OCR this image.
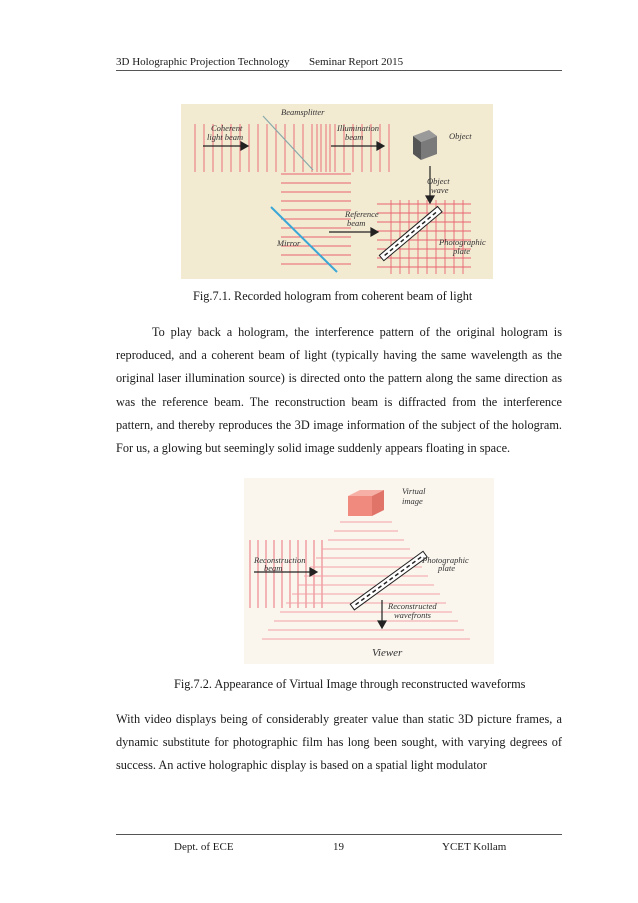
3D Holographic Projection Technology Seminar Report 2015
Beamsplitter
Coherent
light beam
Illumination
beam	Object
Object
wave
Reference
beam
Mirror	Photographic
plate
Fig.7.1. Recorded hologram from coherent beam of light

To play back a hologram, the interference pattern of the original hologram is reproduced, and a coherent beam of light (typically having the same wavelength as the original laser illumination source) is directed onto the pattern along the same direction as was the reference beam. The reconstruction beam is diffracted from the interference pattern, and thereby reproduces the 3D image information of the subject of the hologram. For us, a glowing but seemingly solid image suddenly appears floating in space.

Virtual
image
Reconstruction
beam
Photographic
plate
Reconstructed
wavefronts
Viewer
Fig.7.2. Appearance of Virtual Image through reconstructed waveforms

With video displays being of considerably greater value than static 3D picture frames, a dynamic substitute for photographic film has long been sought, with varying degrees of success. An active holographic display is based on a spatial light modulator

Dept. of ECE	19	YCET Kollam
